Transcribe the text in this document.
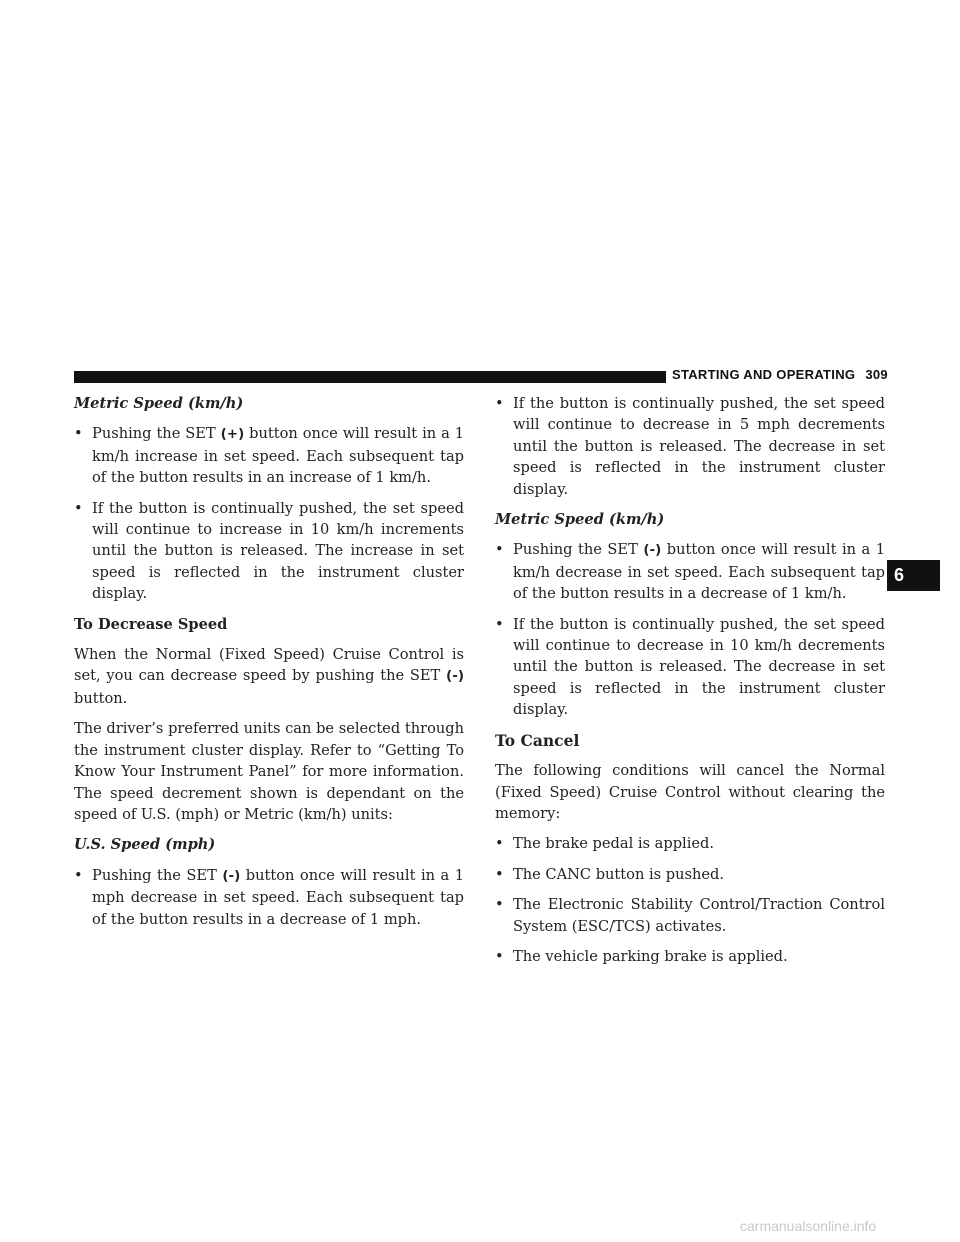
STARTING AND OPERATING 309
Metric Speed (km/h)
• Pushing the SET (+) button once will result in a 1 km/h increase in set speed. Each subsequent tap of the button results in an increase of 1 km/h.
• If the button is continually pushed, the set speed will continue to increase in 10 km/h increments until the button is released. The increase in set speed is reflected in the instrument cluster display.
To Decrease Speed

When the Normal (Fixed Speed) Cruise Control is set, you can decrease speed by pushing the SET (-) button.

The driver’s preferred units can be selected through the instrument cluster display. Refer to “Getting To Know Your Instrument Panel” for more information. The speed decrement shown is dependant on the speed of U.S. (mph) or Metric (km/h) units:

U.S. Speed (mph)
• Pushing the SET (-) button once will result in a 1 mph decrease in set speed. Each subsequent tap of the button results in a decrease of 1 mph.
• If the button is continually pushed, the set speed will continue to decrease in 5 mph decrements until the button is released. The decrease in set speed is reflected in the instrument cluster display.
Metric Speed (km/h)
• Pushing the SET (-) button once will result in a 1 km/h decrease in set speed. Each subsequent tap of the button results in a decrease of 1 km/h.
• If the button is continually pushed, the set speed will continue to decrease in 10 km/h decrements until the button is released. The decrease in set speed is reflected in the instrument cluster display.
To Cancel

The following conditions will cancel the Normal (Fixed Speed) Cruise Control without clearing the memory:

• The brake pedal is applied.
• The CANC button is pushed.
• The Electronic Stability Control/Traction Control System (ESC/TCS) activates.
• The vehicle parking brake is applied.
6
carmanualsonline.info
